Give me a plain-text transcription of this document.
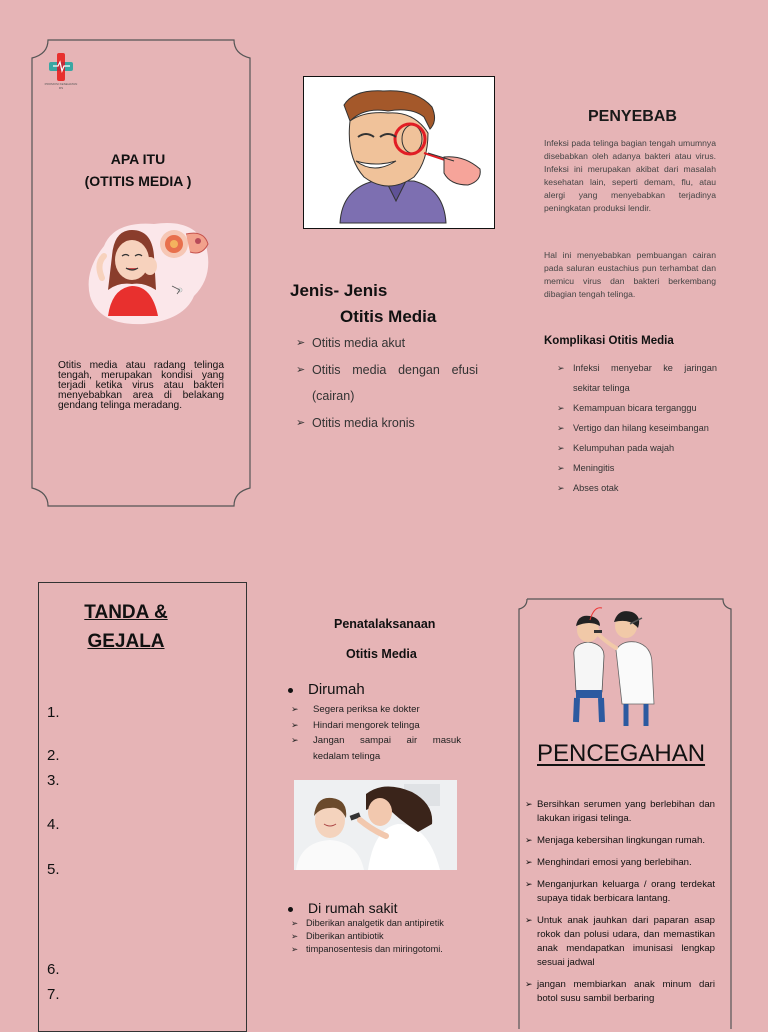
PROMOSI KESEHATAN RS
APA ITU
(OTITIS MEDIA )
Otitis media atau radang telinga tengah, merupakan kondisi yang terjadi ketika virus atau bakteri menyebabkan area di belakang gendang telinga meradang.
Jenis- Jenis
Otitis Media
➢ Otitis media akut
➢ Otitis media dengan efusi (cairan)
➢ Otitis media kronis
PENYEBAB
Infeksi pada telinga bagian tengah umumnya disebabkan oleh adanya bakteri atau virus. Infeksi ini merupakan akibat dari masalah kesehatan lain, seperti demam, flu, atau alergi yang menyebabkan terjadinya peningkatan produksi lendir.
Hal ini menyebabkan pembuangan cairan pada saluran eustachius pun terhambat dan memicu virus dan bakteri berkembang dibagian tengah telinga.
Komplikasi Otitis Media
➢ Infeksi menyebar ke jaringan sekitar telinga
➢ Kemampuan bicara terganggu
➢ Vertigo dan hilang keseimbangan
➢ Kelumpuhan pada wajah
➢ Meningitis
➢ Abses otak
TANDA &
GEJALA
1.
2.
3.
4.
5.
6.
7.
Penatalaksanaan
Otitis Media
Dirumah
➢ Segera periksa ke dokter
➢ Hindari mengorek telinga
➢ Jangan sampai air masuk kedalam telinga
Di rumah sakit
➢ Diberikan analgetik dan antipiretik
➢ Diberikan antibiotik
➢ timpanosentesis dan miringotomi.
PENCEGAHAN
➢ Bersihkan serumen yang berlebihan dan lakukan irigasi telinga.
➢ Menjaga kebersihan lingkungan rumah.
➢ Menghindari emosi yang berlebihan.
➢ Menganjurkan keluarga / orang terdekat supaya tidak berbicara lantang.
➢ Untuk anak jauhkan dari paparan asap rokok dan polusi udara, dan memastikan anak mendapatkan imunisasi lengkap sesuai jadwal
➢ jangan membiarkan anak minum dari botol susu sambil berbaring
